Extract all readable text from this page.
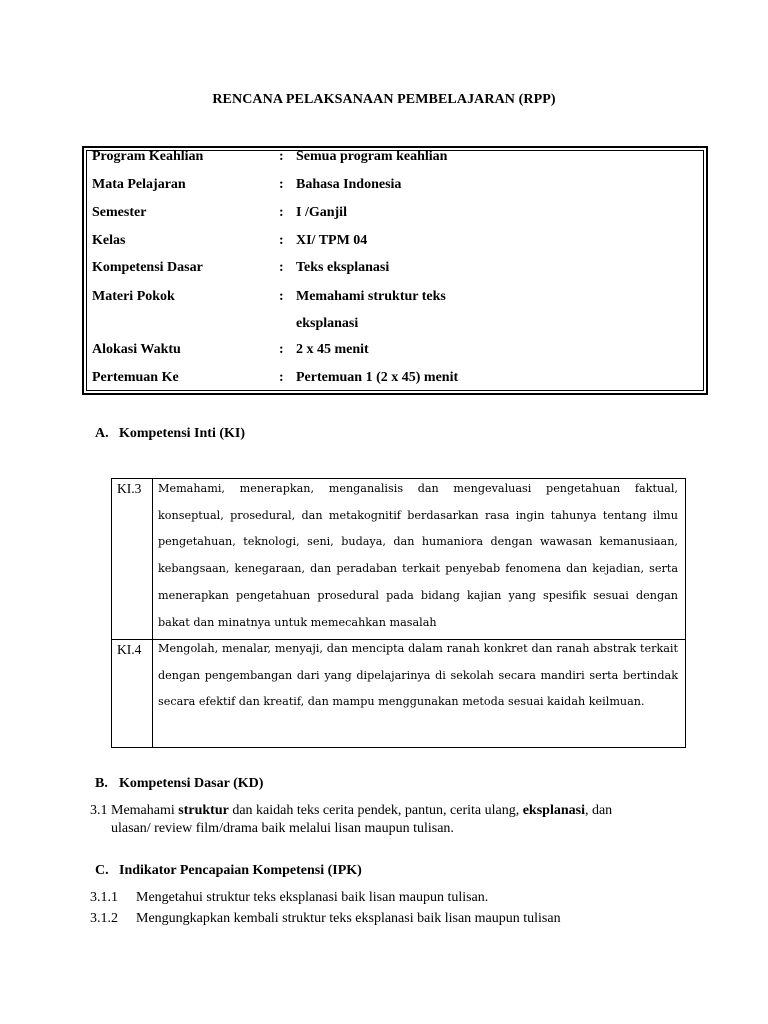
RENCANA PELAKSANAAN PEMBELAJARAN (RPP)
Program Keahlian	: Semua program keahlian
Mata Pelajaran	: Bahasa Indonesia
Semester	: I /Ganjil
Kelas	: XI/ TPM 04
Kompetensi Dasar	: Teks eksplanasi
Materi Pokok	: Memahami struktur teks
eksplanasi
Alokasi Waktu	: 2 x 45 menit
Pertemuan Ke	: Pertemuan 1 (2 x 45) menit
A. Kompetensi Inti (KI)
KI.3 Memahami, menerapkan, menganalisis dan mengevaluasi pengetahuan faktual, konseptual, prosedural, dan metakognitif berdasarkan rasa ingin tahunya tentang ilmu pengetahuan, teknologi, seni, budaya, dan humaniora dengan wawasan kemanusiaan, kebangsaan, kenegaraan, dan peradaban terkait penyebab fenomena dan kejadian, serta menerapkan pengetahuan prosedural pada bidang kajian yang spesifik sesuai dengan bakat dan minatnya untuk memecahkan masalah
KI.4 Mengolah, menalar, menyaji, dan mencipta dalam ranah konkret dan ranah abstrak terkait dengan pengembangan dari yang dipelajarinya di sekolah secara mandiri serta bertindak secara efektif dan kreatif, dan mampu menggunakan metoda sesuai kaidah keilmuan.
B. Kompetensi Dasar (KD)
3.1 Memahami struktur dan kaidah teks cerita pendek, pantun, cerita ulang, eksplanasi, dan
ulasan/ review film/drama baik melalui lisan maupun tulisan.
C. Indikator Pencapaian Kompetensi (IPK)
3.1.1 Mengetahui struktur teks eksplanasi baik lisan maupun tulisan.
3.1.2 Mengungkapkan kembali struktur teks eksplanasi baik lisan maupun tulisan
